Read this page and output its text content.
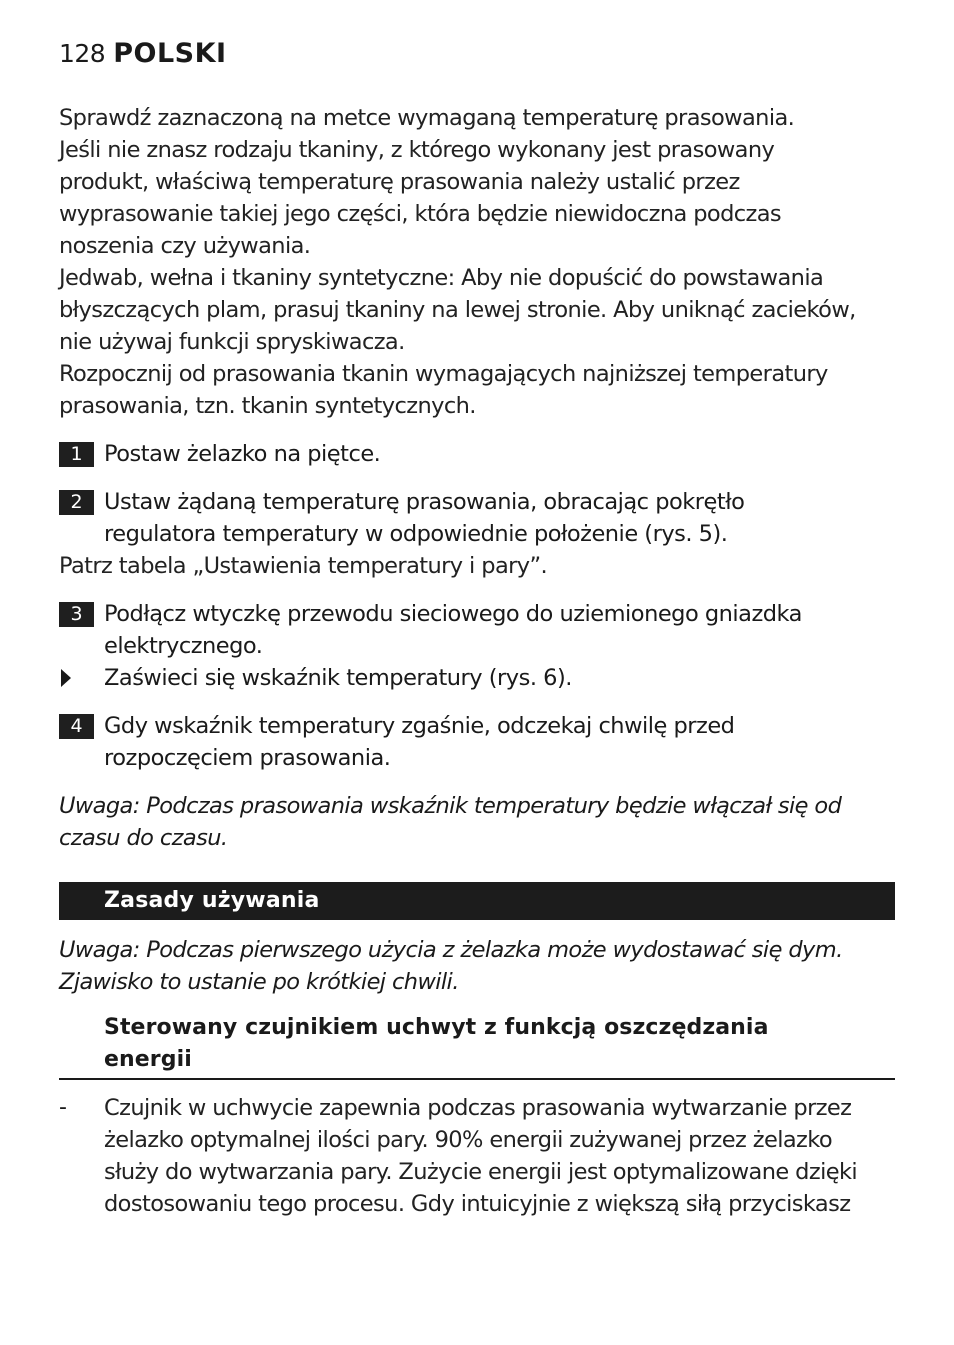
128 POLSKI

Sprawdź zaznaczoną na metce wymaganą temperaturę prasowania.

Jeśli nie znasz rodzaju tkaniny, z którego wykonany jest prasowany

produkt, właściwą temperaturę prasowania należy ustalić przez

wyprasowanie takiej jego części, która będzie niewidoczna podczas

noszenia czy używania.

Jedwab, wełna i tkaniny syntetyczne: Aby nie dopuścić do powstawania

błyszczących plam, prasuj tkaniny na lewej stronie. Aby uniknąć zacieków,

nie używaj funkcji spryskiwacza.

Rozpocznij od prasowania tkanin wymagających najniższej temperatury

prasowania, tzn. tkanin syntetycznych.

1 Postaw żelazko na piętce.

2 Ustaw żądaną temperaturę prasowania, obracając pokrętło

regulatora temperatury w odpowiednie położenie (rys. 5).

Patrz tabela „Ustawienia temperatury i pary”.

3 Podłącz wtyczkę przewodu sieciowego do uziemionego gniazdka

elektrycznego.

Zaświeci się wskaźnik temperatury (rys. 6).

4 Gdy wskaźnik temperatury zgaśnie, odczekaj chwilę przed

rozpoczęciem prasowania.

Uwaga: Podczas prasowania wskaźnik temperatury będzie włączał się od

czasu do czasu.

Zasady używania

Uwaga: Podczas pierwszego użycia z żelazka może wydostawać się dym.

Zjawisko to ustanie po krótkiej chwili.

Sterowany czujnikiem uchwyt z funkcją oszczędzania
energii
- Czujnik w uchwycie zapewnia podczas prasowania wytwarzanie przez

żelazko optymalnej ilości pary. 90% energii zużywanej przez żelazko

służy do wytwarzania pary. Zużycie energii jest optymalizowane dzięki

dostosowaniu tego procesu. Gdy intuicyjnie z większą siłą przyciskasz
